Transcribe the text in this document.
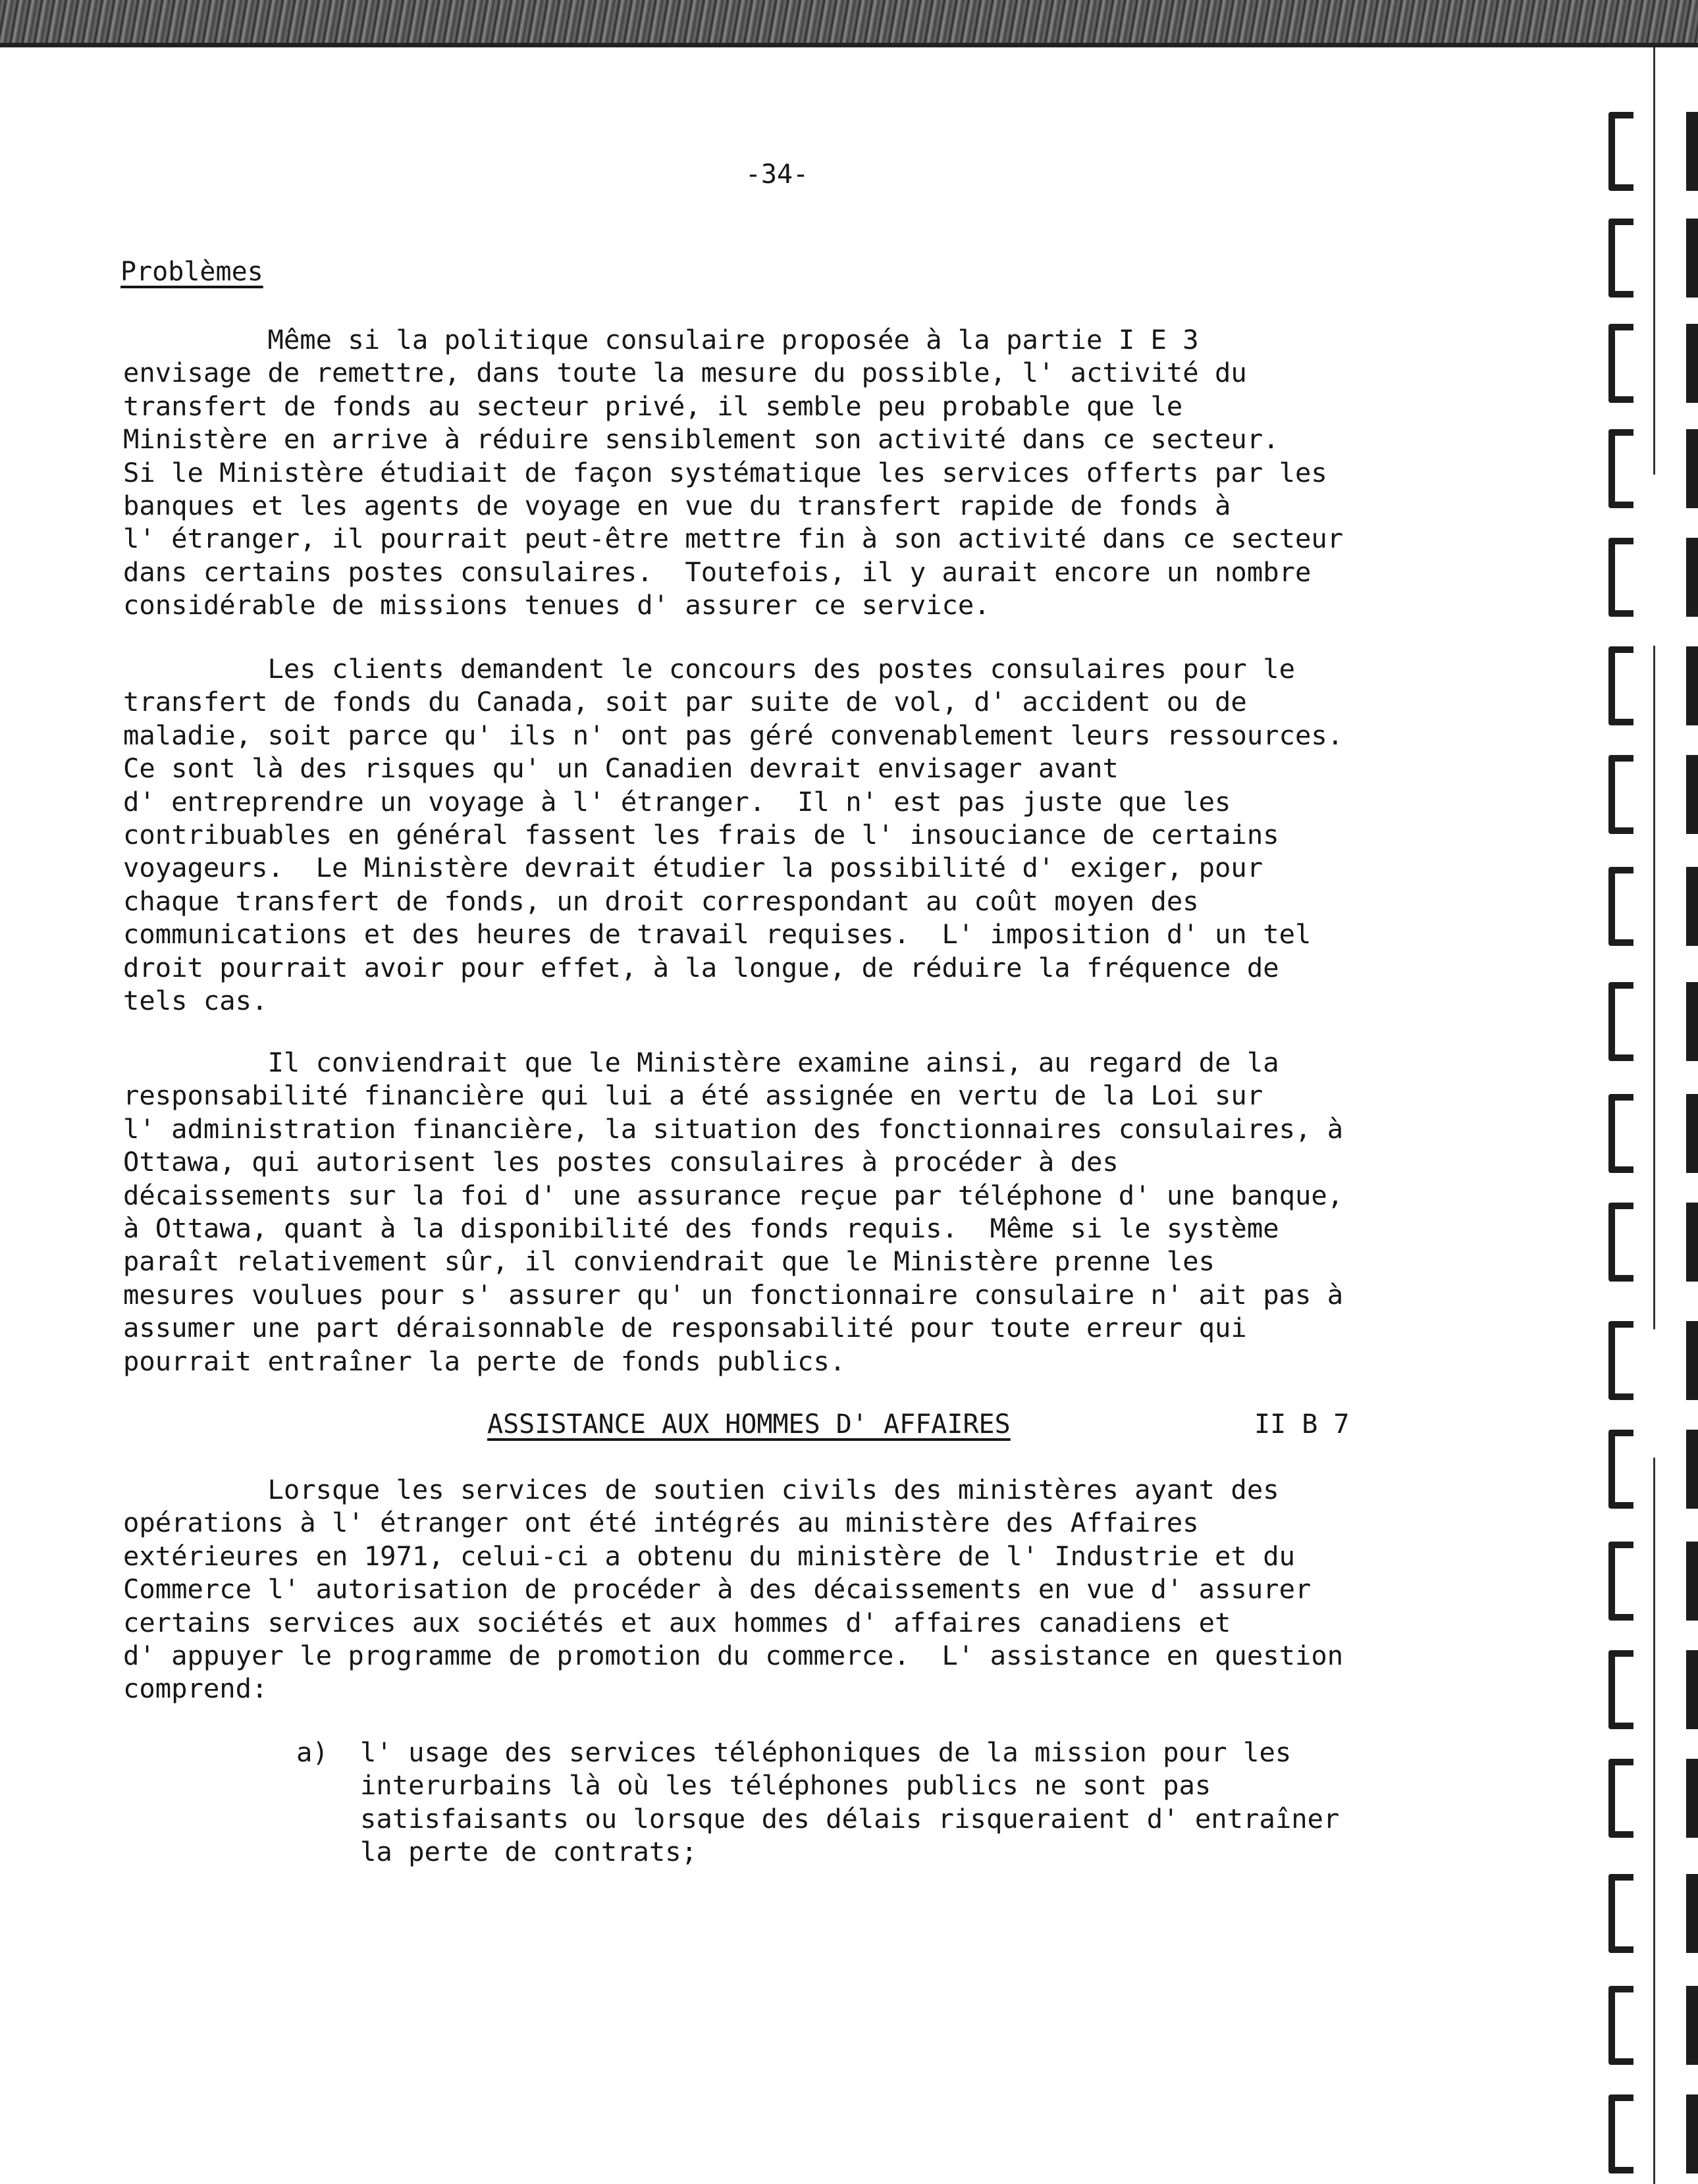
-34-
Problèmes

Même si la politique consulaire proposée à la partie I E 3
envisage de remettre, dans toute la mesure du possible, l' activité du
transfert de fonds au secteur privé, il semble peu probable que le
Ministère en arrive à réduire sensiblement son activité dans ce secteur.
Si le Ministère étudiait de façon systématique les services offerts par les
banques et les agents de voyage en vue du transfert rapide de fonds à
l' étranger, il pourrait peut-être mettre fin à son activité dans ce secteur
dans certains postes consulaires.  Toutefois, il y aurait encore un nombre
considérable de missions tenues d' assurer ce service.

Les clients demandent le concours des postes consulaires pour le
transfert de fonds du Canada, soit par suite de vol, d' accident ou de
maladie, soit parce qu' ils n' ont pas géré convenablement leurs ressources.
Ce sont là des risques qu' un Canadien devrait envisager avant
d' entreprendre un voyage à l' étranger.  Il n' est pas juste que les
contribuables en général fassent les frais de l' insouciance de certains
voyageurs.  Le Ministère devrait étudier la possibilité d' exiger, pour
chaque transfert de fonds, un droit correspondant au coût moyen des
communications et des heures de travail requises.  L' imposition d' un tel
droit pourrait avoir pour effet, à la longue, de réduire la fréquence de
tels cas.

Il conviendrait que le Ministère examine ainsi, au regard de la
responsabilité financière qui lui a été assignée en vertu de la Loi sur
l' administration financière, la situation des fonctionnaires consulaires, à
Ottawa, qui autorisent les postes consulaires à procéder à des
décaissements sur la foi d' une assurance reçue par téléphone d' une banque,
à Ottawa, quant à la disponibilité des fonds requis.  Même si le système
paraît relativement sûr, il conviendrait que le Ministère prenne les
mesures voulues pour s' assurer qu' un fonctionnaire consulaire n' ait pas à
assumer une part déraisonnable de responsabilité pour toute erreur qui
pourrait entraîner la perte de fonds publics.

ASSISTANCE AUX HOMMES D' AFFAIRES	II B 7

Lorsque les services de soutien civils des ministères ayant des
opérations à l' étranger ont été intégrés au ministère des Affaires
extérieures en 1971, celui-ci a obtenu du ministère de l' Industrie et du
Commerce l' autorisation de procéder à des décaissements en vue d' assurer
certains services aux sociétés et aux hommes d' affaires canadiens et
d' appuyer le programme de promotion du commerce.  L' assistance en question
comprend:

a) l' usage des services téléphoniques de la mission pour les
interurbains là où les téléphones publics ne sont pas
satisfaisants ou lorsque des délais risqueraient d' entraîner
la perte de contrats;
